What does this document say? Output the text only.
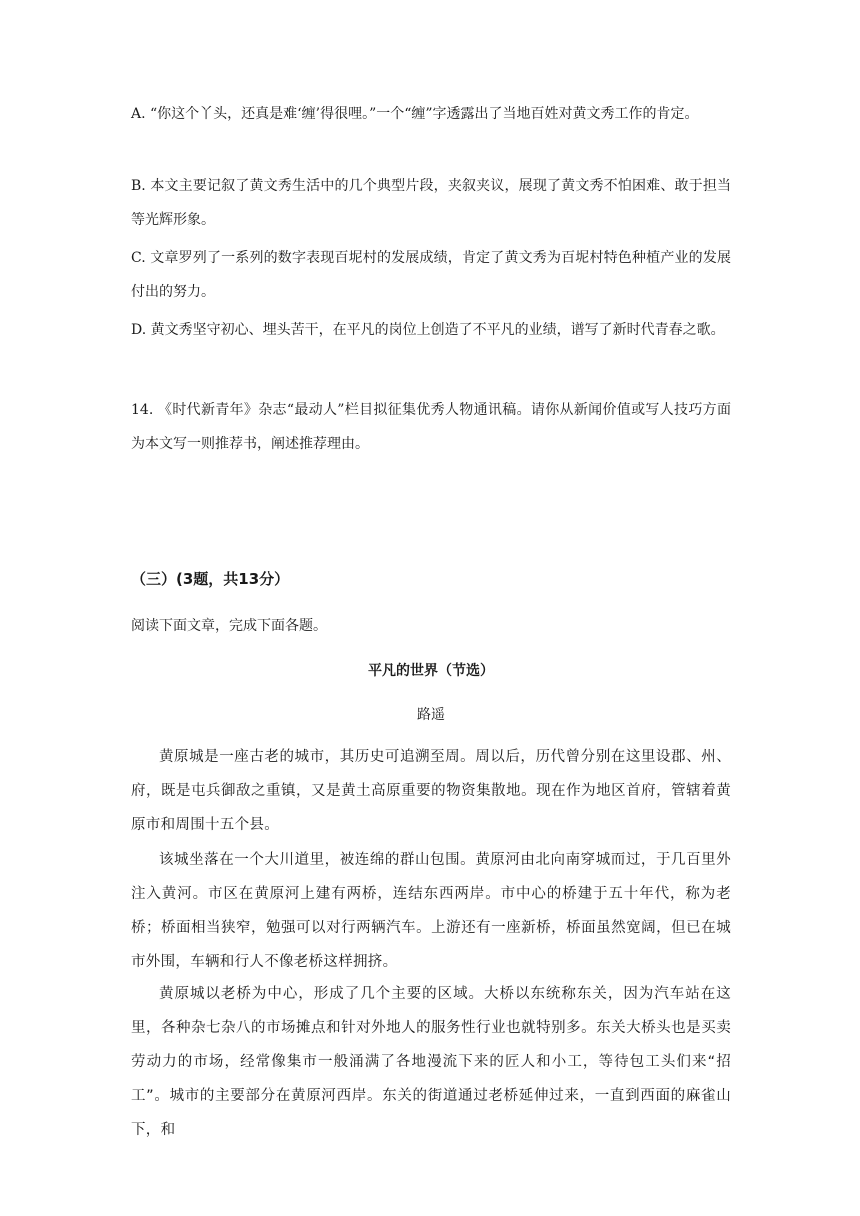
A. “你这个丫头，还真是难‘缠’得很哩。”一个“缠”字透露出了当地百姓对黄文秀工作的肯定。

B. 本文主要记叙了黄文秀生活中的几个典型片段，夹叙夹议，展现了黄文秀不怕困难、敢于担当等光辉形象。

C. 文章罗列了一系列的数字表现百坭村的发展成绩，肯定了黄文秀为百坭村特色种植产业的发展付出的努力。

D. 黄文秀坚守初心、埋头苦干，在平凡的岗位上创造了不平凡的业绩，谱写了新时代青春之歌。

14. 《时代新青年》杂志“最动人”栏目拟征集优秀人物通讯稿。请你从新闻价值或写人技巧方面为本文写一则推荐书，阐述推荐理由。

（三）(3题，共13分）

阅读下面文章，完成下面各题。

平凡的世界（节选）

路遥

黄原城是一座古老的城市，其历史可追溯至周。周以后，历代曾分别在这里设郡、州、府，既是屯兵御敌之重镇，又是黄土高原重要的物资集散地。现在作为地区首府，管辖着黄原市和周围十五个县。

该城坐落在一个大川道里，被连绵的群山包围。黄原河由北向南穿城而过，于几百里外注入黄河。市区在黄原河上建有两桥，连结东西两岸。市中心的桥建于五十年代，称为老桥；桥面相当狭窄，勉强可以对行两辆汽车。上游还有一座新桥，桥面虽然宽阔，但已在城市外围，车辆和行人不像老桥这样拥挤。

黄原城以老桥为中心，形成了几个主要的区域。大桥以东统称东关，因为汽车站在这里，各种杂七杂八的市场摊点和针对外地人的服务性行业也就特别多。东关大桥头也是买卖劳动力的市场，经常像集市一般涌满了各地漫流下来的匠人和小工，等待包工头们来“招工”。城市的主要部分在黄原河西岸。东关的街道通过老桥延伸过来，一直到西面的麻雀山下，和
